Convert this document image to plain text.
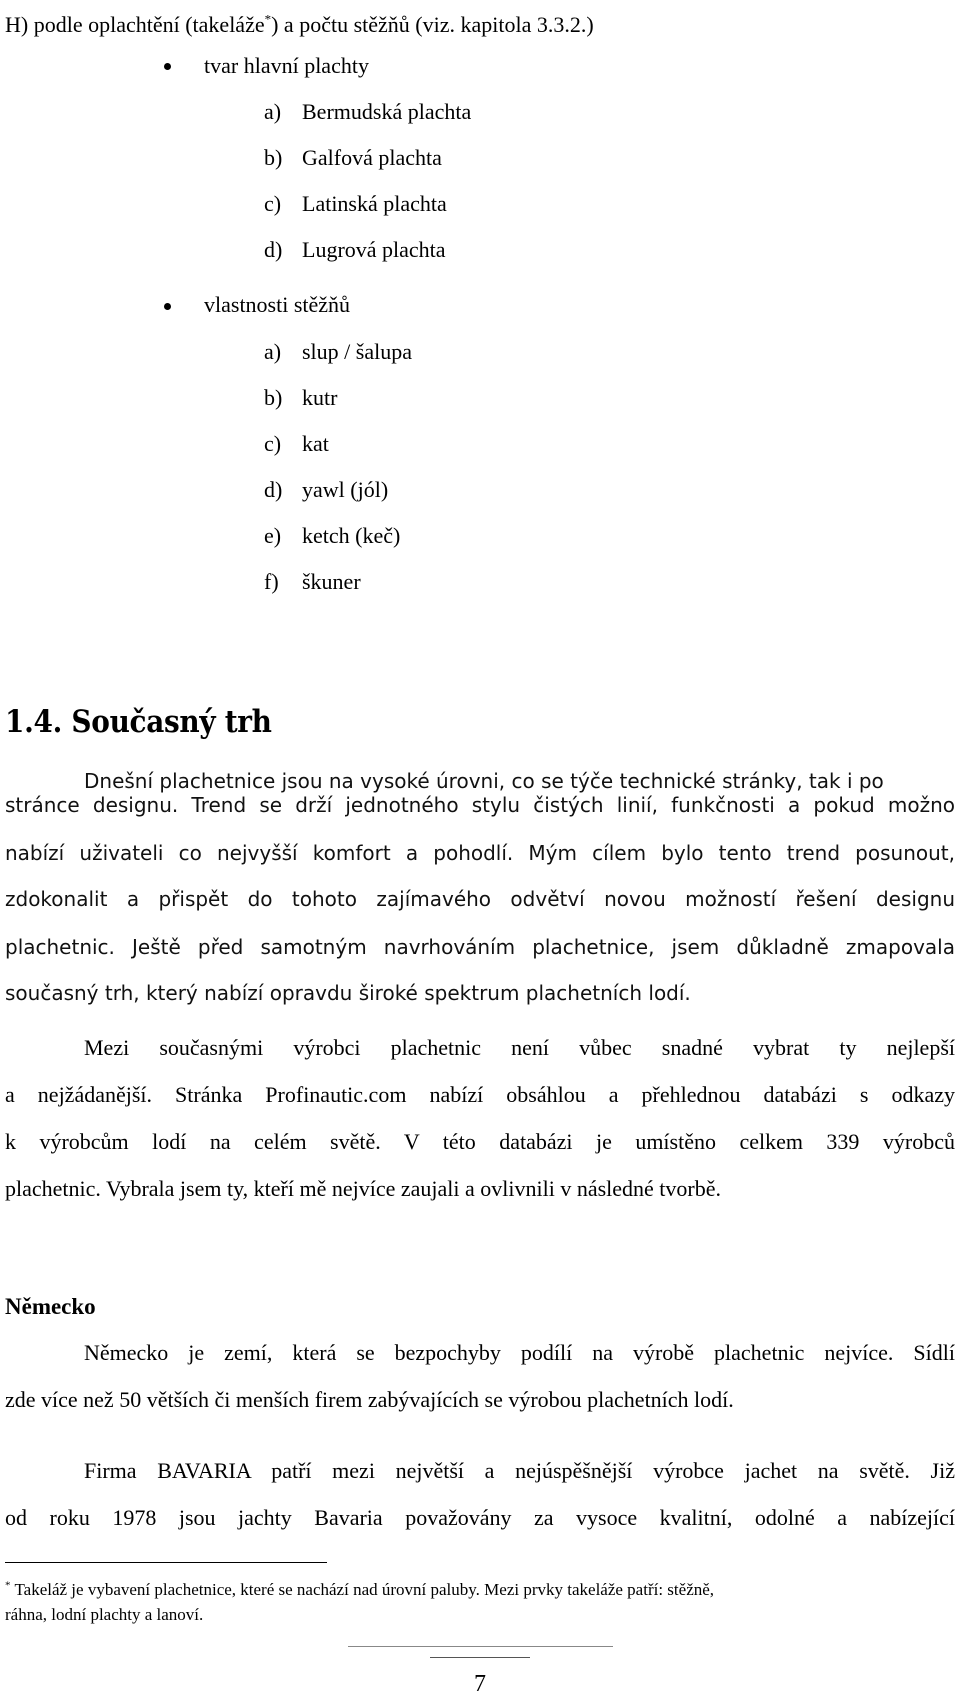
H) podle oplachtění (takeláže*) a počtu stěžňů (viz. kapitola 3.3.2.)
tvar hlavní plachty
a) Bermudská plachta
b) Galfová plachta
c) Latinská plachta
d) Lugrová plachta
vlastnosti stěžňů
a) slup / šalupa
b) kutr
c) kat
d) yawl (jól)
e) ketch (keč)
f) škuner
1.4. Současný trh
Dnešní plachetnice jsou na vysoké úrovni, co se týče technické stránky, tak i po
stránce designu. Trend se drží jednotného stylu čistých linií, funkčnosti a pokud možno
nabízí uživateli co nejvyšší komfort a pohodlí. Mým cílem bylo tento trend posunout,
zdokonalit a přispět do tohoto zajímavého odvětví novou možností řešení designu
plachetnic. Ještě před samotným navrhováním plachetnice, jsem důkladně zmapovala
současný trh, který nabízí opravdu široké spektrum plachetních lodí.
Mezi současnými výrobci plachetnic není vůbec snadné vybrat ty nejlepší
a nejžádanější. Stránka Profinautic.com nabízí obsáhlou a přehlednou databázi s odkazy
k výrobcům lodí na celém světě. V této databázi je umístěno celkem 339 výrobců
plachetnic. Vybrala jsem ty, kteří mě nejvíce zaujali a ovlivnili v následné tvorbě.
Německo
Německo je zemí, která se bezpochyby podílí na výrobě plachetnic nejvíce. Sídlí
zde více než 50 větších či menších firem zabývajících se výrobou plachetních lodí.
Firma BAVARIA patří mezi největší a nejúspěšnější výrobce jachet na světě. Již
od roku 1978 jsou jachty Bavaria považovány za vysoce kvalitní, odolné a nabízející
* Takeláž je vybavení plachetnice, které se nachází nad úrovní paluby. Mezi prvky takeláže patří: stěžně,
ráhna, lodní plachty a lanoví.
7
